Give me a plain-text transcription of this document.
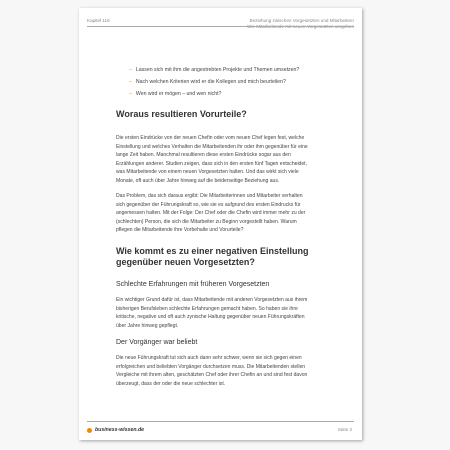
Kapitel 116	Beziehung zwischen Vorgesetzten und Mitarbeitern
Wie Mitarbeitende mit neuen Vorgesetzten umgehen
– Lassen sich mit ihm die angestrebten Projekte und Themen umsetzen?
– Nach welchen Kriterien wird er die Kollegen und mich beurteilen?
– Wen wird er mögen – und wen nicht?
Woraus resultieren Vorurteile?
Die ersten Eindrücke von der neuen Chefin oder vom neuen Chef legen fest, welche
Einstellung und welches Verhalten die Mitarbeitenden ihr oder ihm gegenüber für eine
lange Zeit haben. Manchmal resultieren diese ersten Eindrücke sogar aus den
Erzählungen anderer. Studien zeigen, dass sich in den ersten fünf Tagen entscheidet,
was Mitarbeitende von einem neuen Vorgesetzten halten. Und das wirkt sich viele
Monate, oft auch über Jahre hinweg auf die beiderseitige Beziehung aus.
Das Problem, das sich daraus ergibt: Die Mitarbeiterinnen und Mitarbeiter verhalten
sich gegenüber der Führungskraft so, wie sie es aufgrund des ersten Eindrucks für
angemessen halten. Mit der Folge: Der Chef oder die Chefin wird immer mehr zu der
(schlechten) Person, die sich die Mitarbeiter zu Beginn vorgestellt haben. Warum
pflegen die Mitarbeitende ihre Vorbehalte und Vorurteile?
Wie kommt es zu einer negativen Einstellung
gegenüber neuen Vorgesetzten?
Schlechte Erfahrungen mit früheren Vorgesetzten
Ein wichtiger Grund dafür ist, dass Mitarbeitende mit anderen Vorgesetzten aus ihrem
bisherigen Berufsleben schlechte Erfahrungen gemacht haben. So haben sie ihre
kritische, negative und oft auch zynische Haltung gegenüber neuen Führungskräften
über Jahre hinweg gepflegt.
Der Vorgänger war beliebt
Die neue Führungskraft tut sich auch dann sehr schwer, wenn sie sich gegen einen
erfolgreichen und beliebten Vorgänger durchsetzen muss. Die Mitarbeitenden stellen
Vergleiche mit ihrem alten, geschätzten Chef oder ihrer Chefin an und sind fest davon
überzeugt, dass der oder die neue schlechter ist.
business-wissen.de	Seite 3
